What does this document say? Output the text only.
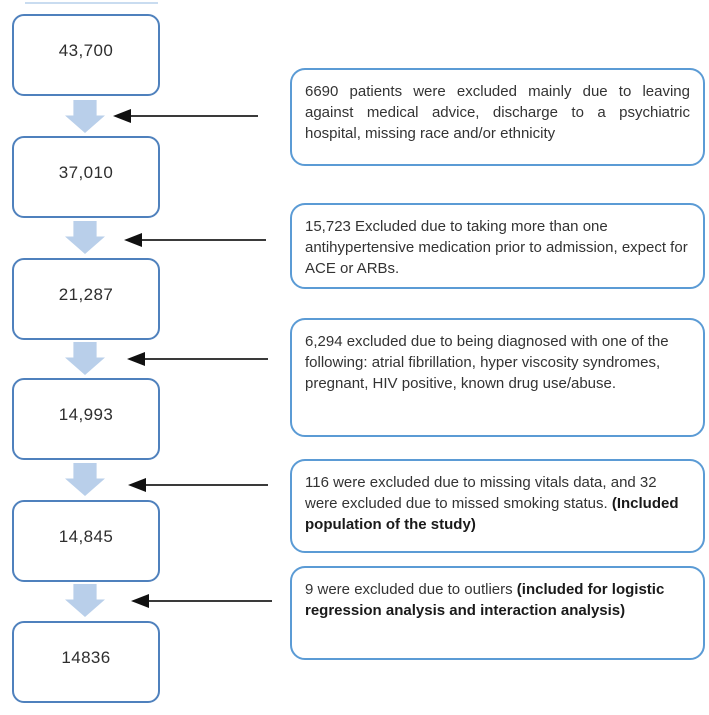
43,700
37,010
21,287
14,993
14,845
14836
6690 patients were excluded mainly due to leaving against medical advice, discharge to a psychiatric hospital, missing race and/or ethnicity
15,723 Excluded due to taking more than one antihypertensive medication prior to admission, expect for ACE or ARBs.
6,294 excluded due to being diagnosed with one of the following: atrial fibrillation, hyper viscosity syndromes, pregnant, HIV positive, known drug use/abuse.
116 were excluded due to missing vitals data, and 32 were excluded due to missed smoking status. (Included population of the study)
9 were excluded due to outliers (included for logistic regression analysis and interaction analysis)
